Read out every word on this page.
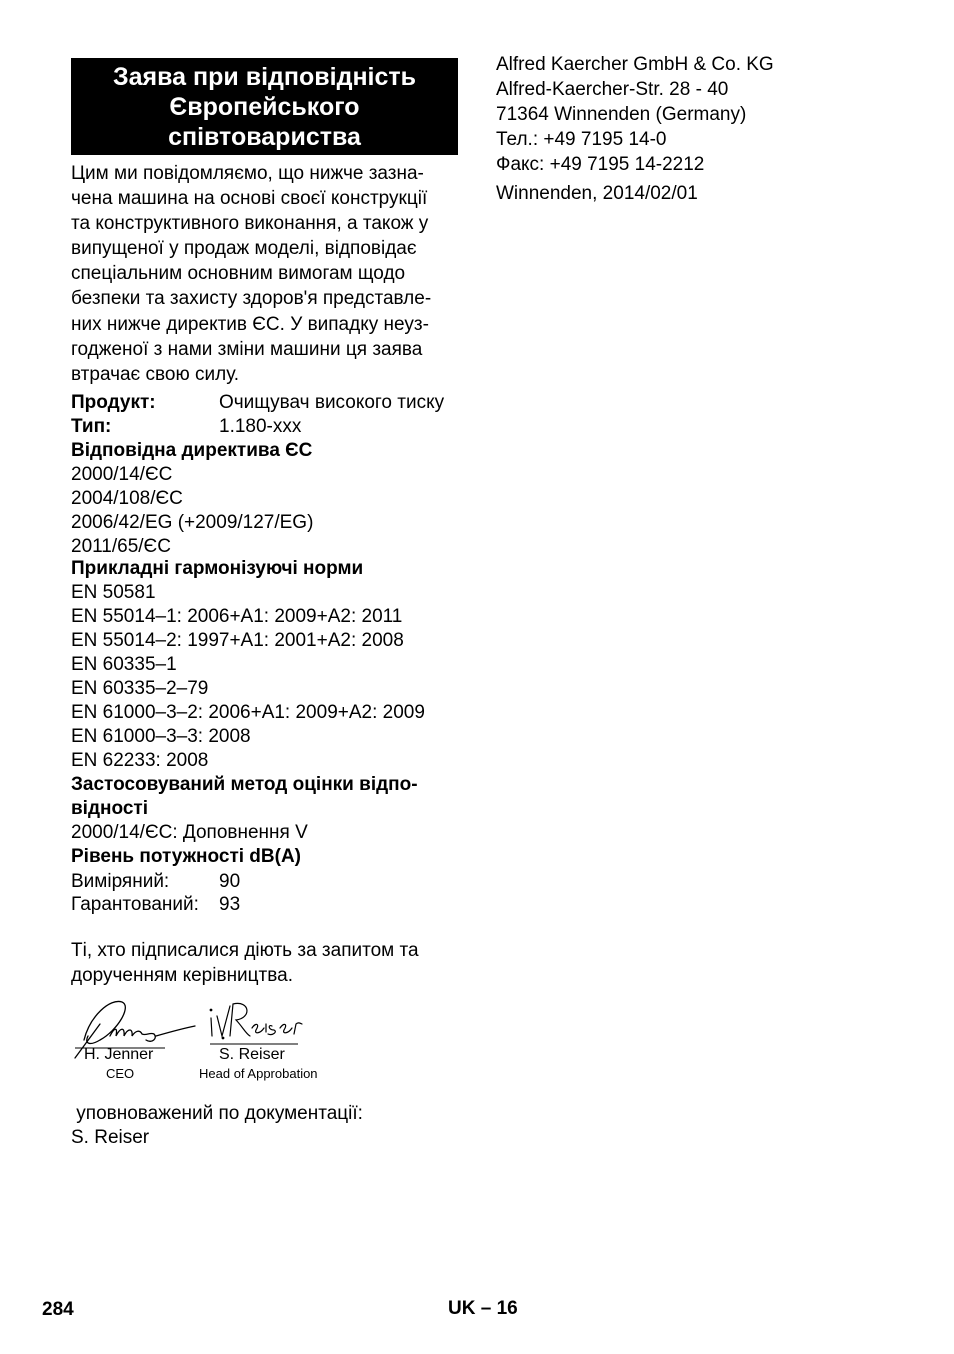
Заява при відповідність
Європейського
співтовариства
Цим ми повідомляємо, що нижче зазна-
чена машина на основі своєї конструкції
та конструктивного виконання, а також у
випущеної у продаж моделі, відповідає
спеціальним основним вимогам щодо
безпеки та захисту здоров'я представле-
них нижче директив ЄС. У випадку неуз-
годженої з нами зміни машини ця заява
втрачає свою силу.
Продукт:	Очищувач високого тиску
Тип:	1.180-xxx
Відповідна директива ЄС
2000/14/ЄС
2004/108/ЄС
2006/42/EG (+2009/127/EG)
2011/65/ЄС
Прикладні гармонізуючі норми
EN 50581
EN 55014–1: 2006+A1: 2009+A2: 2011
EN 55014–2: 1997+A1: 2001+A2: 2008
EN 60335–1
EN 60335–2–79
EN 61000–3–2: 2006+A1: 2009+A2: 2009
EN 61000–3–3: 2008
EN 62233: 2008
Застосовуваний метод оцінки відпо-
відності
2000/14/ЄС: Доповнення V
Рівень потужності dB(A)
Виміряний:	90
Гарантований: 93
Ті, хто підписалися діють за запитом та
дорученням керівництва.
H. Jenner	S. Reiser
CEO	Head of Approbation
уповноважений по документації:
S. Reiser
Alfred Kaercher GmbH & Co. KG
Alfred-Kaercher-Str. 28 - 40
71364 Winnenden (Germany)
Тел.: +49 7195 14-0
Факс: +49 7195 14-2212
Winnenden, 2014/02/01
284	UK – 16
